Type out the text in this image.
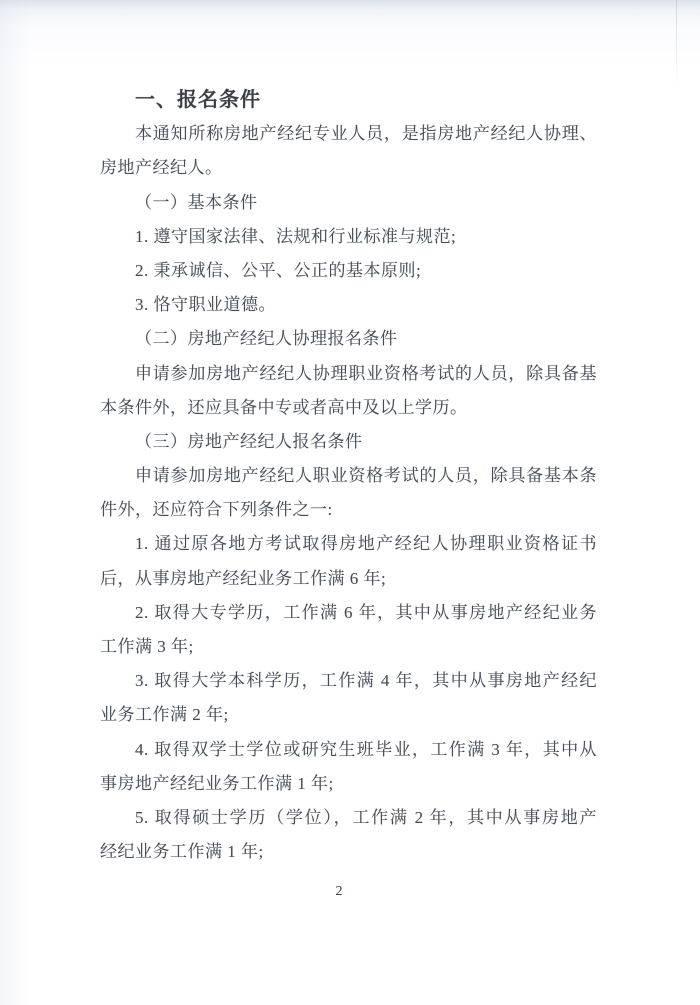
一、报名条件
本通知所称房地产经纪专业人员，是指房地产经纪人协理、
房地产经纪人。
（一）基本条件
1. 遵守国家法律、法规和行业标准与规范;
2. 秉承诚信、公平、公正的基本原则;
3. 恪守职业道德。
（二）房地产经纪人协理报名条件
申请参加房地产经纪人协理职业资格考试的人员，除具备基
本条件外，还应具备中专或者高中及以上学历。
（三）房地产经纪人报名条件
申请参加房地产经纪人职业资格考试的人员，除具备基本条
件外，还应符合下列条件之一:
1. 通过原各地方考试取得房地产经纪人协理职业资格证书
后，从事房地产经纪业务工作满 6 年;
2. 取得大专学历，工作满 6 年，其中从事房地产经纪业务
工作满 3 年;
3. 取得大学本科学历，工作满 4 年，其中从事房地产经纪
业务工作满 2 年;
4. 取得双学士学位或研究生班毕业，工作满 3 年，其中从
事房地产经纪业务工作满 1 年;
5. 取得硕士学历（学位），工作满 2 年，其中从事房地产
经纪业务工作满 1 年;
2
